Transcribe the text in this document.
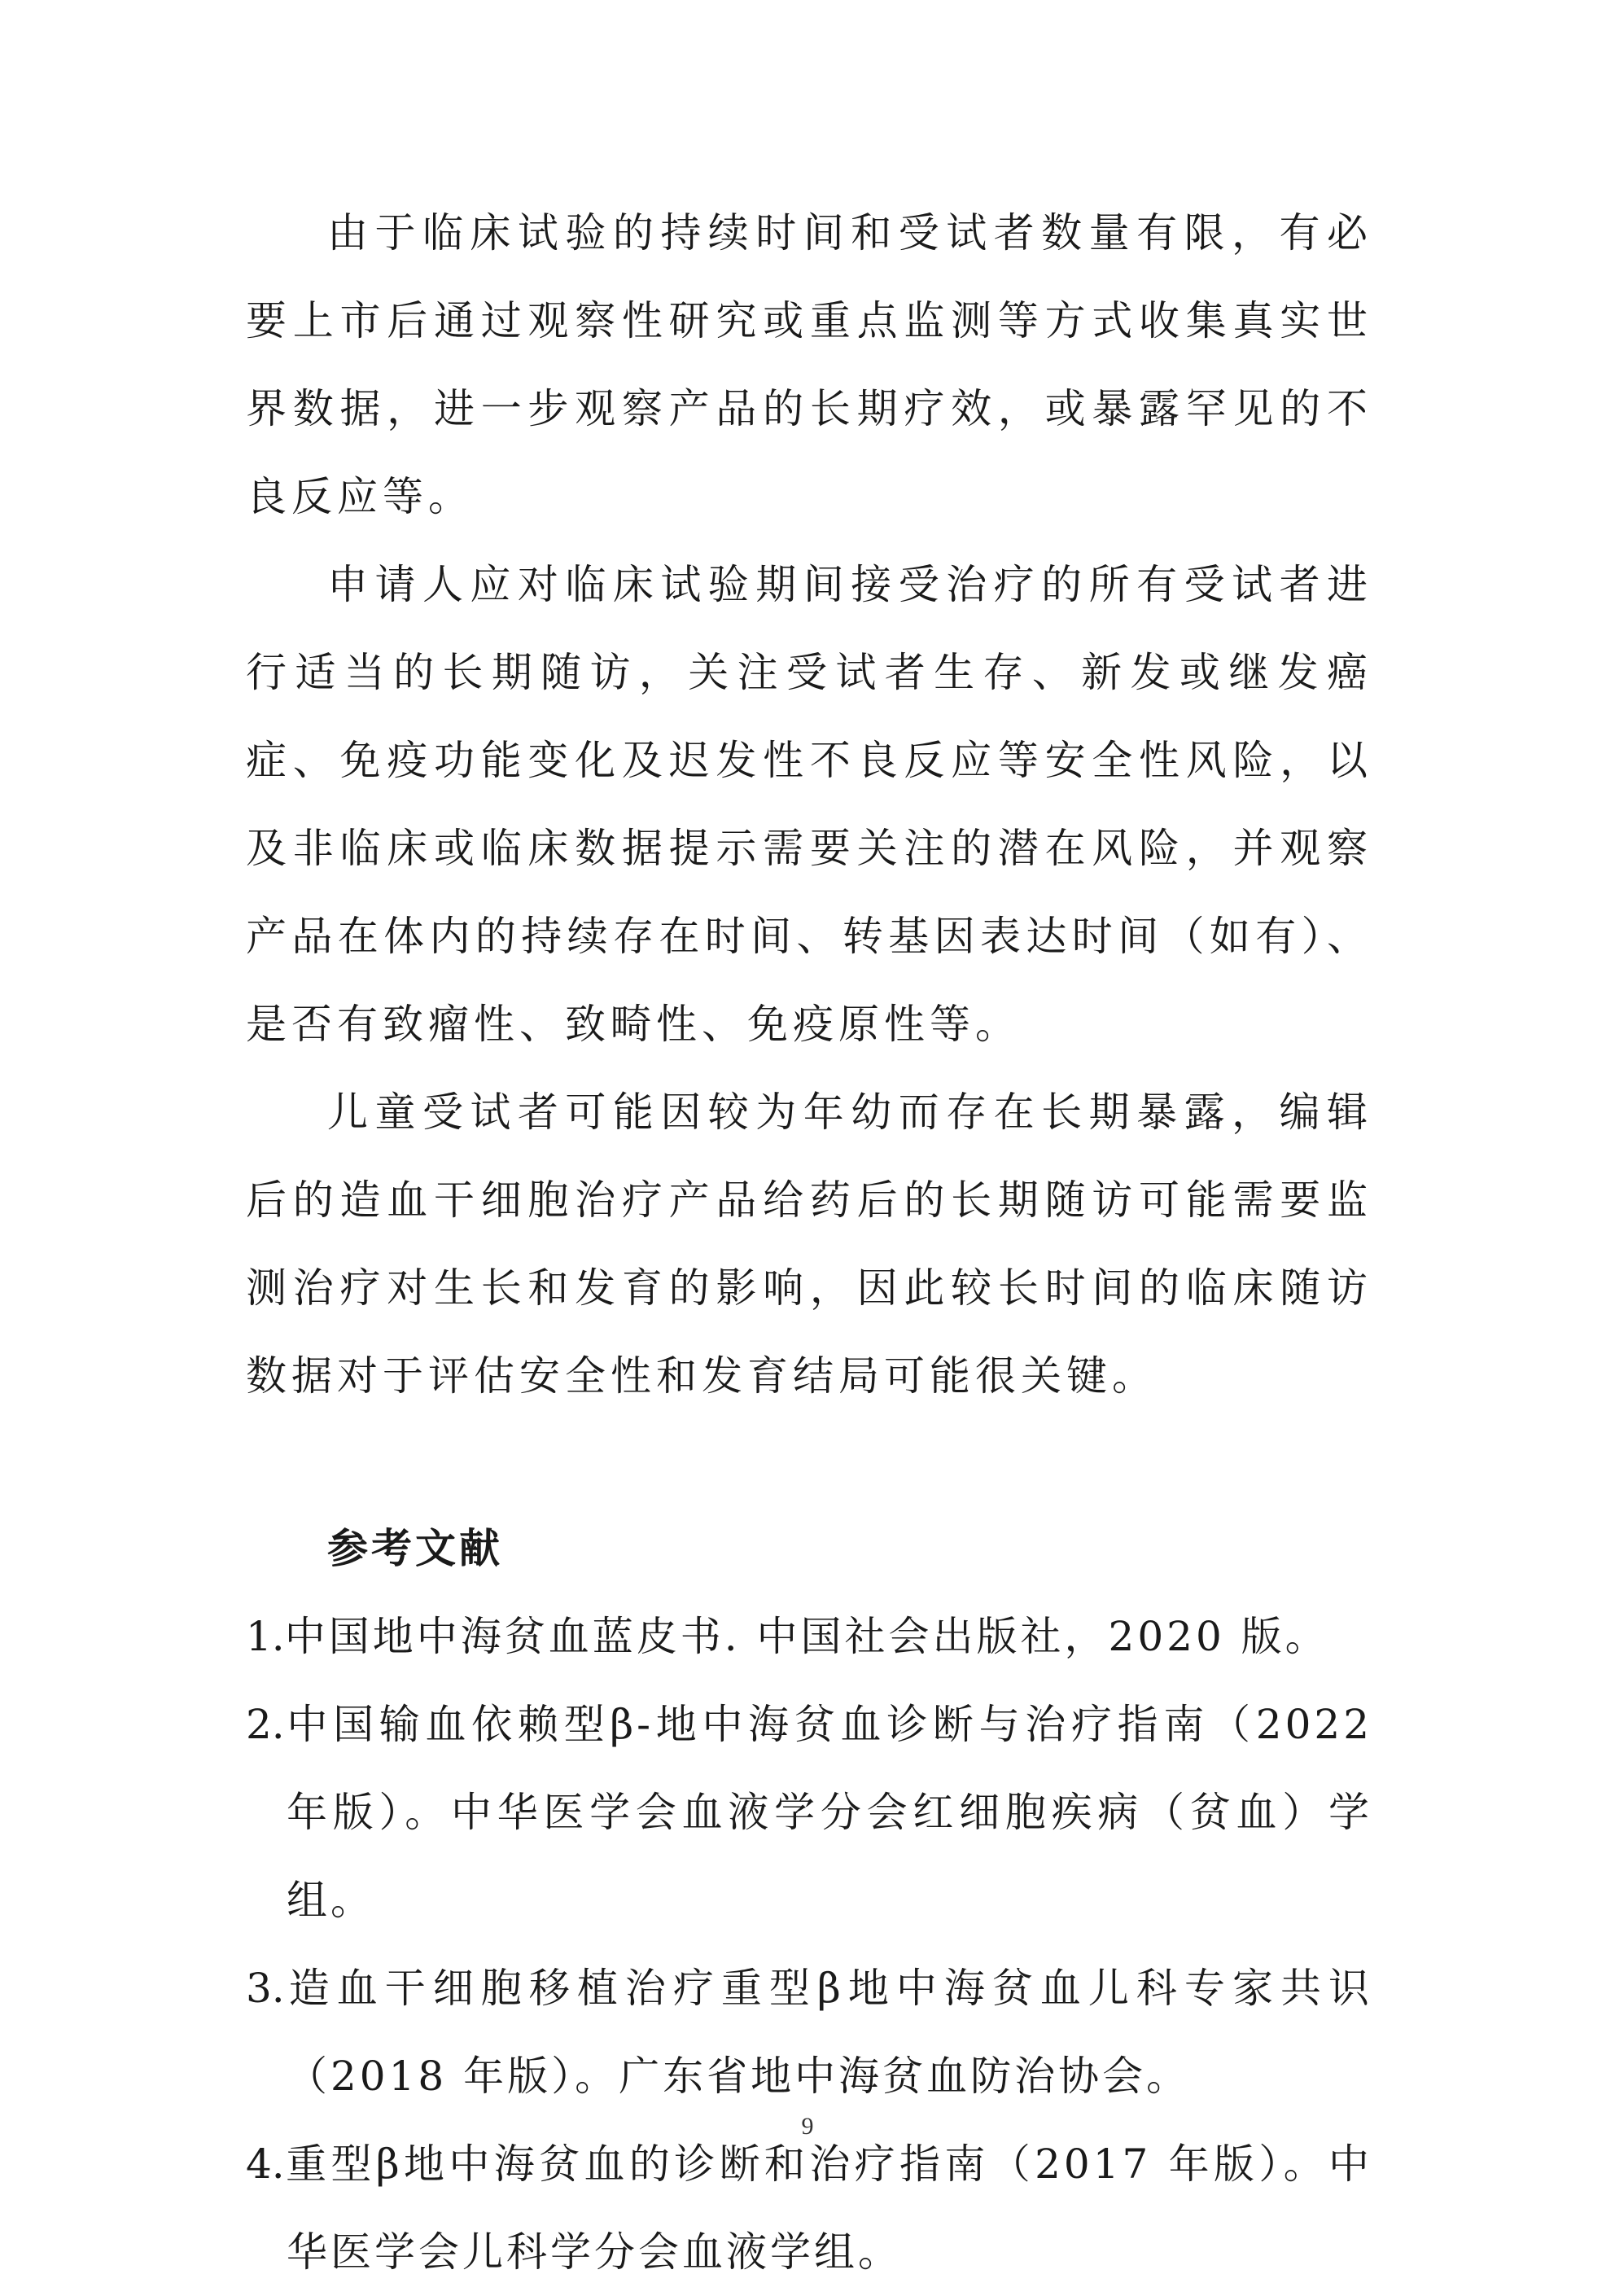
由于临床试验的持续时间和受试者数量有限，有必要上市后通过观察性研究或重点监测等方式收集真实世界数据，进一步观察产品的长期疗效，或暴露罕见的不良反应等。

申请人应对临床试验期间接受治疗的所有受试者进行适当的长期随访，关注受试者生存、新发或继发癌症、免疫功能变化及迟发性不良反应等安全性风险，以及非临床或临床数据提示需要关注的潜在风险，并观察产品在体内的持续存在时间、转基因表达时间（如有）、是否有致瘤性、致畸性、免疫原性等。

儿童受试者可能因较为年幼而存在长期暴露，编辑后的造血干细胞治疗产品给药后的长期随访可能需要监测治疗对生长和发育的影响，因此较长时间的临床随访数据对于评估安全性和发育结局可能很关键。

参考文献
1.中国地中海贫血蓝皮书. 中国社会出版社，2020 版。
2.中国输血依赖型β-地中海贫血诊断与治疗指南（2022 年版）。中华医学会血液学分会红细胞疾病（贫血）学组。
3.造血干细胞移植治疗重型β地中海贫血儿科专家共识（2018 年版）。广东省地中海贫血防治协会。
4.重型β地中海贫血的诊断和治疗指南（2017 年版）。中华医学会儿科学分会血液学组。
9
